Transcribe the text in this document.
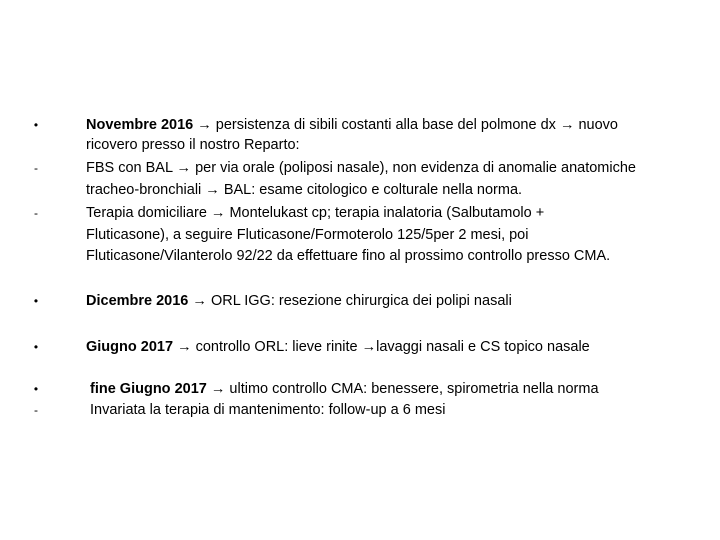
•	Novembre 2016 → persistenza di sibili costanti alla base del polmone dx → nuovo
ricovero presso il nostro Reparto:
-	FBS con BAL → per via orale (poliposi nasale), non evidenza di anomalie anatomiche
tracheo-bronchiali → BAL: esame citologico e colturale nella norma.
-	Terapia domiciliare → Montelukast cp; terapia inalatoria (Salbutamolo +
Fluticasone), a seguire Fluticasone/Formoterolo 125/5per 2 mesi, poi
Fluticasone/Vilanterolo 92/22 da effettuare fino al prossimo controllo presso CMA.
•	Dicembre 2016 → ORL IGG: resezione chirurgica dei polipi nasali
•	Giugno 2017 → controllo ORL: lieve rinite →lavaggi nasali e CS topico nasale
•	fine Giugno 2017 → ultimo controllo CMA: benessere, spirometria nella norma
-	Invariata la terapia di mantenimento: follow-up a 6 mesi
